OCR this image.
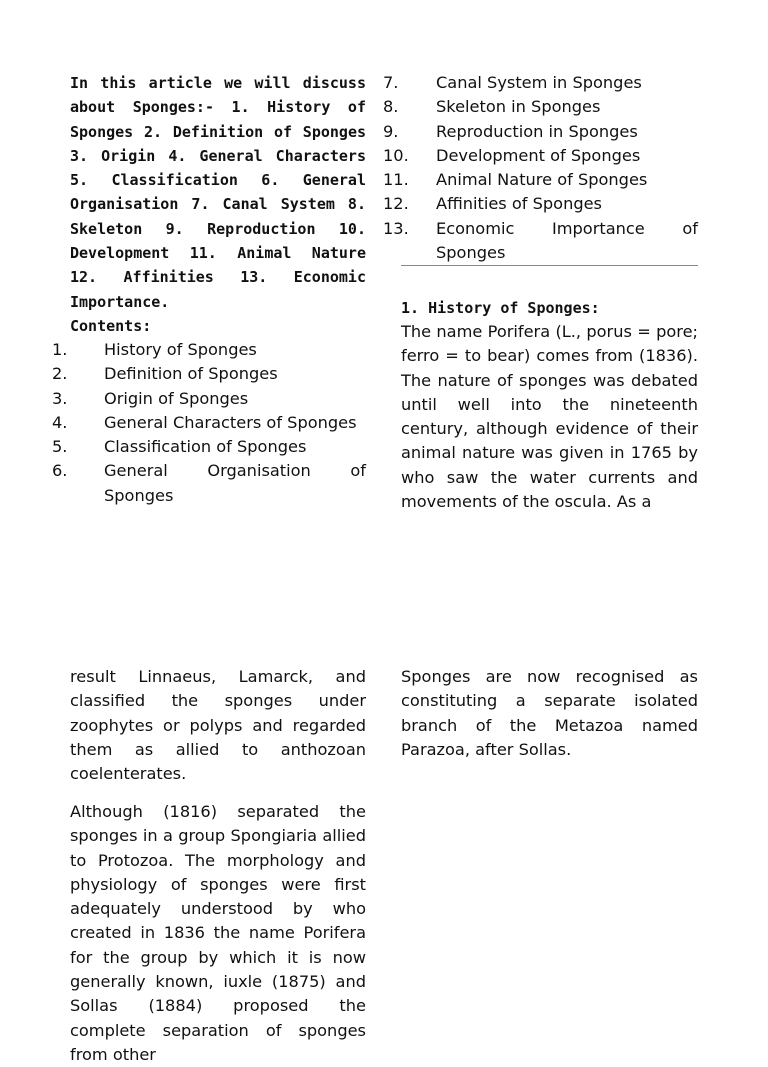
In this article we will discuss about Sponges:- 1. History of Sponges 2. Definition of Sponges 3. Origin 4. General Characters 5. Classification 6. General Organisation 7. Canal System 8. Skeleton 9. Reproduction 10. Development 11. Animal Nature 12. Affinities 13. Economic Importance.

Contents:

1.	History of Sponges
2.	Definition of Sponges
3.	Origin of Sponges
4.	General Characters of Sponges
5.	Classification of Sponges
6.	General Organisation of Sponges
7.	Canal System in Sponges
8.	Skeleton in Sponges
9.	Reproduction in Sponges
10.	Development of Sponges
11.	Animal Nature of Sponges
12.	Affinities of Sponges
13.	Economic Importance of Sponges

1. History of Sponges:

The name Porifera (L., porus = pore; ferro = to bear) comes from (1836). The nature of sponges was debated until well into the nineteenth century, although evidence of their animal nature was given in 1765 by who saw the water currents and movements of the oscula. As a

result Linnaeus, Lamarck, and classified the sponges under zoophytes or polyps and regarded them as allied to anthozoan coelenterates.

Although (1816) separated the sponges in a group Spongiaria allied to Protozoa. The morphology and physiology of sponges were first adequately understood by who created in 1836 the name Porifera for the group by which it is now generally known, iuxle (1875) and Sollas (1884) proposed the complete separation of sponges from other

Sponges are now recognised as constituting a separate isolated branch of the Metazoa named Parazoa, after Sollas.
